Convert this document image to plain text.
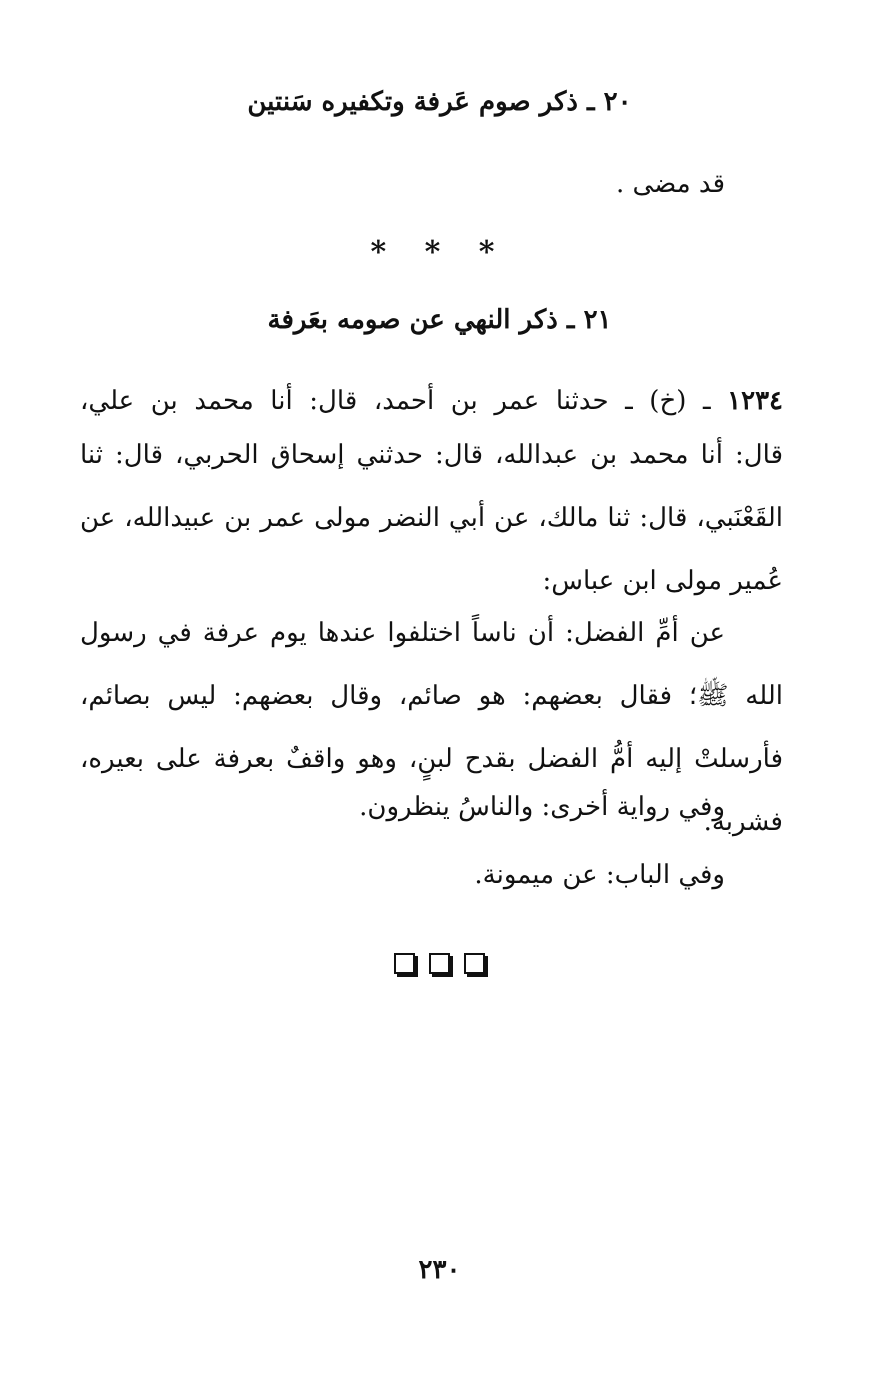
٢٠ ـ ذكر صوم عَرفة وتكفيره سَنتين

قد مضى .

* * *

٢١ ـ ذكر النهي عن صومه بعَرفة

١٢٣٤ ـ (خ) ـ حدثنا عمر بن أحمد، قال: أنا محمد بن علي،

قال: أنا محمد بن عبدالله، قال: حدثني إسحاق الحربي، قال: ثنا القَعْنَبي، قال: ثنا مالك، عن أبي النضر مولى عمر بن عبيدالله، عن عُمير مولى ابن عباس:

عن أمِّ الفضل: أن ناساً اختلفوا عندها يوم عرفة في رسول الله ﷺ؛ فقال بعضهم: هو صائم، وقال بعضهم: ليس بصائم، فأرسلتْ إليه أمُّ الفضل بقدح لبنٍ، وهو واقفٌ بعرفة على بعيره، فشربه.

وفي رواية أخرى: والناسُ ينظرون.

وفي الباب: عن ميمونة.

٢٣٠
